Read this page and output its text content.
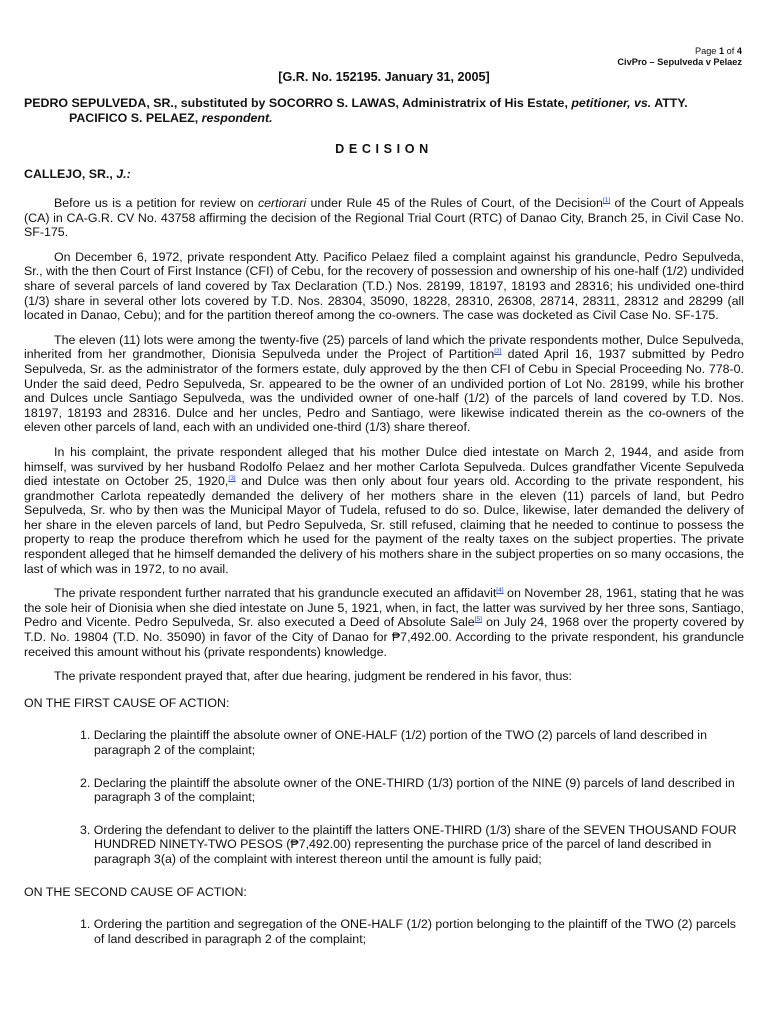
Page 1 of 4
CivPro – Sepulveda v Pelaez
[G.R. No. 152195. January 31, 2005]
PEDRO SEPULVEDA, SR., substituted by SOCORRO S. LAWAS, Administratrix of His Estate, petitioner, vs. ATTY.
PACIFICO S. PELAEZ, respondent.
DECISION
CALLEJO, SR., J.:

Before us is a petition for review on certiorari under Rule 45 of the Rules of Court, of the Decision[1] of the Court of Appeals (CA) in CA-G.R. CV No. 43758 affirming the decision of the Regional Trial Court (RTC) of Danao City, Branch 25, in Civil Case No. SF-175.

On December 6, 1972, private respondent Atty. Pacifico Pelaez filed a complaint against his granduncle, Pedro Sepulveda, Sr., with the then Court of First Instance (CFI) of Cebu, for the recovery of possession and ownership of his one-half (1/2) undivided share of several parcels of land covered by Tax Declaration (T.D.) Nos. 28199, 18197, 18193 and 28316; his undivided one-third (1/3) share in several other lots covered by T.D. Nos. 28304, 35090, 18228, 28310, 26308, 28714, 28311, 28312 and 28299 (all located in Danao, Cebu); and for the partition thereof among the co-owners. The case was docketed as Civil Case No. SF-175.

The eleven (11) lots were among the twenty-five (25) parcels of land which the private respondents mother, Dulce Sepulveda, inherited from her grandmother, Dionisia Sepulveda under the Project of Partition[2] dated April 16, 1937 submitted by Pedro Sepulveda, Sr. as the administrator of the formers estate, duly approved by the then CFI of Cebu in Special Proceeding No. 778-0. Under the said deed, Pedro Sepulveda, Sr. appeared to be the owner of an undivided portion of Lot No. 28199, while his brother and Dulces uncle Santiago Sepulveda, was the undivided owner of one-half (1/2) of the parcels of land covered by T.D. Nos. 18197, 18193 and 28316. Dulce and her uncles, Pedro and Santiago, were likewise indicated therein as the co-owners of the eleven other parcels of land, each with an undivided one-third (1/3) share thereof.

In his complaint, the private respondent alleged that his mother Dulce died intestate on March 2, 1944, and aside from himself, was survived by her husband Rodolfo Pelaez and her mother Carlota Sepulveda. Dulces grandfather Vicente Sepulveda died intestate on October 25, 1920,[3] and Dulce was then only about four years old. According to the private respondent, his grandmother Carlota repeatedly demanded the delivery of her mothers share in the eleven (11) parcels of land, but Pedro Sepulveda, Sr. who by then was the Municipal Mayor of Tudela, refused to do so. Dulce, likewise, later demanded the delivery of her share in the eleven parcels of land, but Pedro Sepulveda, Sr. still refused, claiming that he needed to continue to possess the property to reap the produce therefrom which he used for the payment of the realty taxes on the subject properties. The private respondent alleged that he himself demanded the delivery of his mothers share in the subject properties on so many occasions, the last of which was in 1972, to no avail.

The private respondent further narrated that his granduncle executed an affidavit[4] on November 28, 1961, stating that he was the sole heir of Dionisia when she died intestate on June 5, 1921, when, in fact, the latter was survived by her three sons, Santiago, Pedro and Vicente. Pedro Sepulveda, Sr. also executed a Deed of Absolute Sale[5] on July 24, 1968 over the property covered by T.D. No. 19804 (T.D. No. 35090) in favor of the City of Danao for ₱7,492.00. According to the private respondent, his granduncle received this amount without his (private respondents) knowledge.

The private respondent prayed that, after due hearing, judgment be rendered in his favor, thus:

ON THE FIRST CAUSE OF ACTION:
1. Declaring the plaintiff the absolute owner of ONE-HALF (1/2) portion of the TWO (2) parcels of land described in paragraph 2 of the complaint;
2. Declaring the plaintiff the absolute owner of the ONE-THIRD (1/3) portion of the NINE (9) parcels of land described in paragraph 3 of the complaint;
3. Ordering the defendant to deliver to the plaintiff the latters ONE-THIRD (1/3) share of the SEVEN THOUSAND FOUR HUNDRED NINETY-TWO PESOS (₱7,492.00) representing the purchase price of the parcel of land described in paragraph 3(a) of the complaint with interest thereon until the amount is fully paid;
ON THE SECOND CAUSE OF ACTION:
1. Ordering the partition and segregation of the ONE-HALF (1/2) portion belonging to the plaintiff of the TWO (2) parcels of land described in paragraph 2 of the complaint;
